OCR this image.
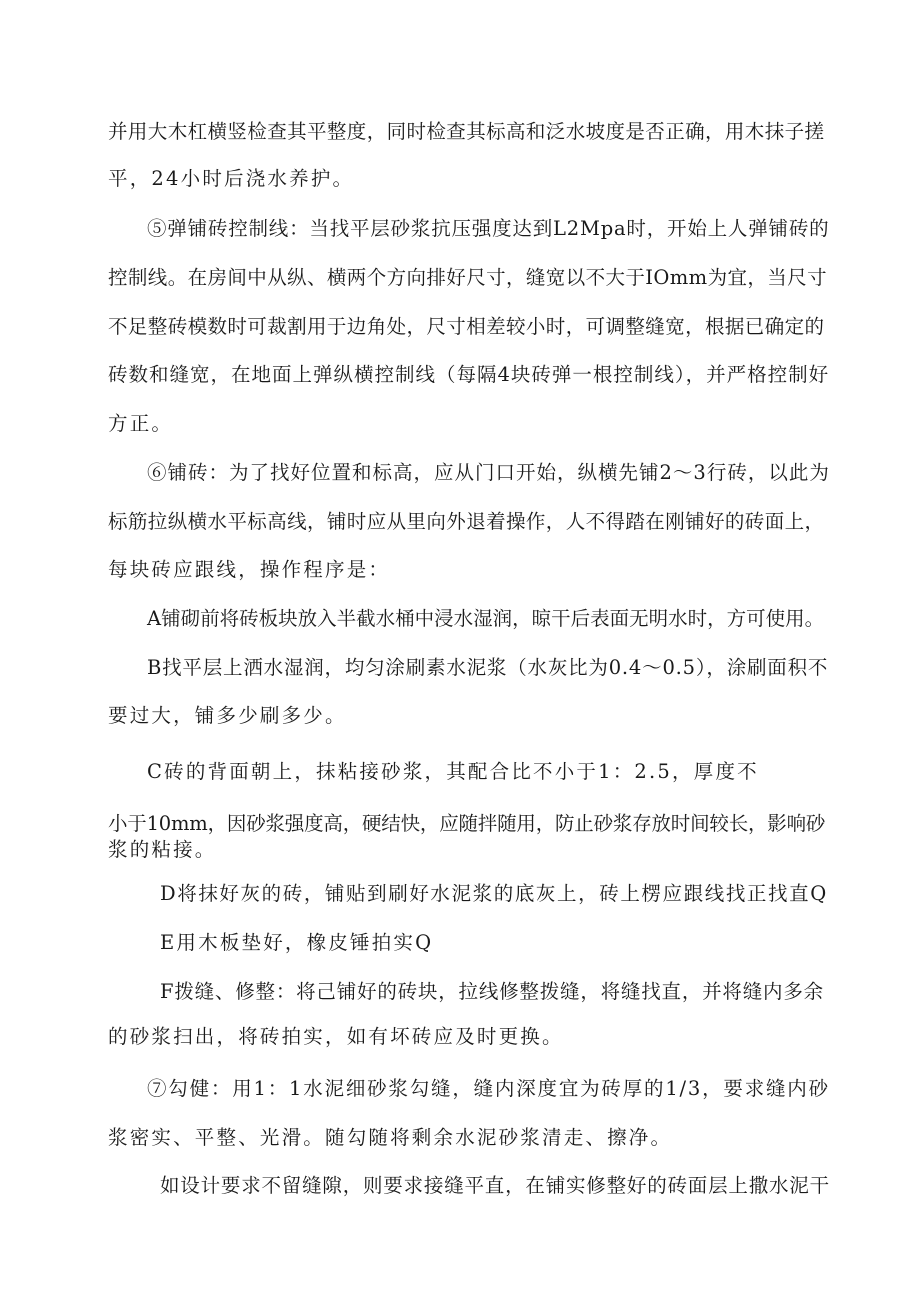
并用大木杠横竖检查其平整度，同时检查其标高和泛水坡度是否正确，用木抹子搓
平，24小时后浇水养护。
⑤弹铺砖控制线：当找平层砂浆抗压强度达到L2Mpa时，开始上人弹铺砖的
控制线。在房间中从纵、横两个方向排好尺寸，缝宽以不大于IOmm为宜，当尺寸
不足整砖模数时可裁割用于边角处，尺寸相差较小时，可调整缝宽，根据已确定的
砖数和缝宽，在地面上弹纵横控制线（每隔4块砖弹一根控制线），并严格控制好
方正。
⑥铺砖：为了找好位置和标高，应从门口开始，纵横先铺2〜3行砖，以此为
标筋拉纵横水平标高线，铺时应从里向外退着操作，人不得踏在刚铺好的砖面上，
每块砖应跟线，操作程序是：
A铺砌前将砖板块放入半截水桶中浸水湿润，晾干后表面无明水时，方可使用。
B找平层上洒水湿润，均匀涂刷素水泥浆（水灰比为0.4〜0.5），涂刷面积不
要过大，铺多少刷多少。
C砖的背面朝上，抹粘接砂浆，其配合比不小于1：2.5，厚度不
小于10mm，因砂浆强度高，硬结快，应随拌随用，防止砂浆存放时间较长，影响砂
浆的粘接。
D将抹好灰的砖，铺贴到刷好水泥浆的底灰上，砖上楞应跟线找正找直Q
E用木板垫好，橡皮锤拍实Q
F拨缝、修整：将己铺好的砖块，拉线修整拨缝，将缝找直，并将缝内多余
的砂浆扫出，将砖拍实，如有坏砖应及时更换。
⑦勾健：用1：1水泥细砂浆勾缝，缝内深度宜为砖厚的1/3，要求缝内砂
浆密实、平整、光滑。随勾随将剩余水泥砂浆清走、擦净。
如设计要求不留缝隙，则要求接缝平直，在铺实修整好的砖面层上撒水泥干
